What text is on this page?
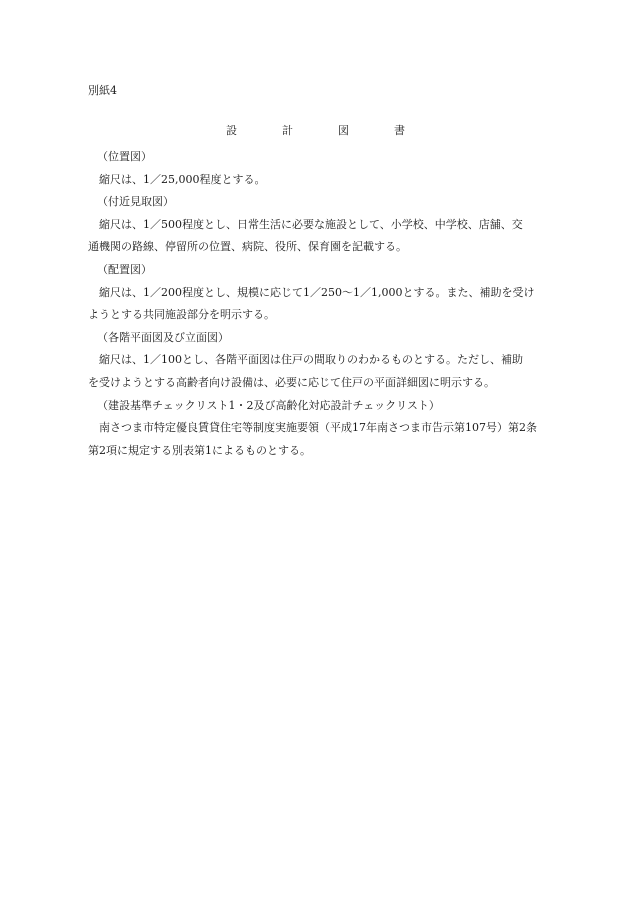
別紙4
設	計	図	書
（位置図）
縮尺は、1／25,000程度とする。
（付近見取図）
縮尺は、1／500程度とし、日常生活に必要な施設として、小学校、中学校、店舗、交
通機関の路線、停留所の位置、病院、役所、保育園を記載する。
（配置図）
縮尺は、1／200程度とし、規模に応じて1／250～1／1,000とする。また、補助を受け
ようとする共同施設部分を明示する。
（各階平面図及び立面図）
縮尺は、1／100とし、各階平面図は住戸の間取りのわかるものとする。ただし、補助
を受けようとする高齢者向け設備は、必要に応じて住戸の平面詳細図に明示する。
（建設基準チェックリスト1・2及び高齢化対応設計チェックリスト）
南さつま市特定優良賃貸住宅等制度実施要領（平成17年南さつま市告示第107号）第2条
第2項に規定する別表第1によるものとする。
